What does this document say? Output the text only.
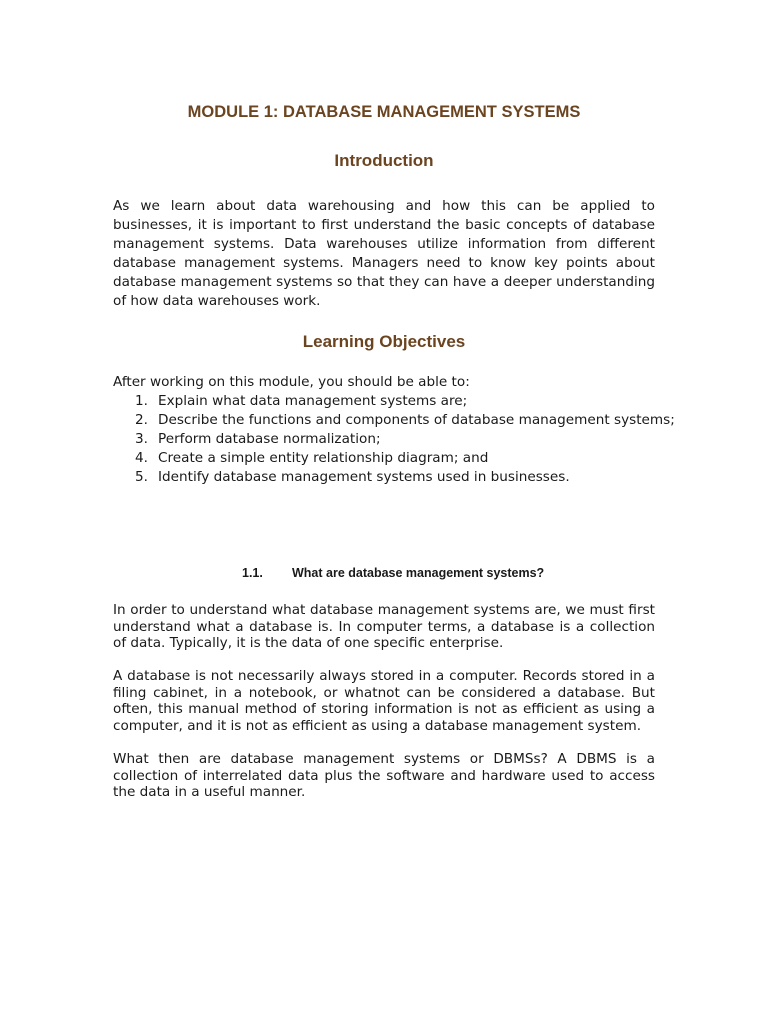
MODULE 1: DATABASE MANAGEMENT SYSTEMS
Introduction

As we learn about data warehousing and how this can be applied to businesses, it is important to first understand the basic concepts of database management systems. Data warehouses utilize information from different database management systems. Managers need to know key points about database management systems so that they can have a deeper understanding of how data warehouses work.

Learning Objectives
After working on this module, you should be able to:
1. Explain what data management systems are;
2. Describe the functions and components of database management systems;
3. Perform database normalization;
4. Create a simple entity relationship diagram; and
5. Identify database management systems used in businesses.
1.1. What are database management systems?

In order to understand what database management systems are, we must first understand what a database is. In computer terms, a database is a collection of data. Typically, it is the data of one specific enterprise.

A database is not necessarily always stored in a computer. Records stored in a filing cabinet, in a notebook, or whatnot can be considered a database. But often, this manual method of storing information is not as efficient as using a computer, and it is not as efficient as using a database management system.

What then are database management systems or DBMSs? A DBMS is a collection of interrelated data plus the software and hardware used to access the data in a useful manner.
